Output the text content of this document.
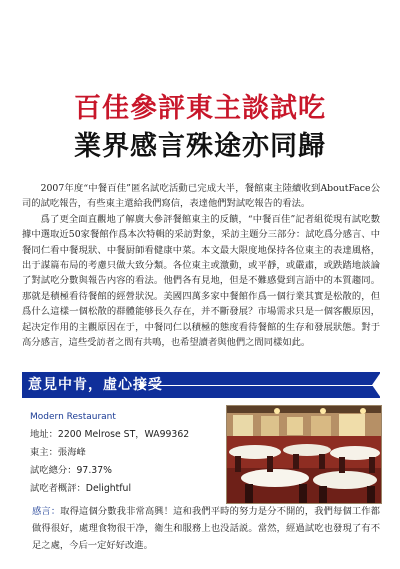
百佳參評東主談試吃
業界感言殊途亦同歸

2007年度“中餐百佳”匿名試吃活動已完成大半，餐館東主陸續收到AboutFace公司的試吃報告，有些東主還給我們寫信，表達他們對試吃報告的看法。

爲了更全面直觀地了解廣大參評餐館東主的反饋，“中餐百佳”記者組從現有試吃數據中選取近50家餐館作爲本次特輯的采訪對象，采訪主題分三部分：試吃爲分感言、中餐同仁看中餐現狀、中餐厨師看健康中菜。本文最大限度地保持各位東主的表達風格，出于謀篇布局的考慮只做大致分類。各位東主或激動，或平靜，或嚴肅，或跌踏地談論了對試吃分數與報告内容的看法。他們各有見地，但是不難感覺到言語中的本質趨同。那就是積極看待餐館的經營狀況。美國四萬多家中餐館作爲一個行業其實是松散的，但爲什么這樣一個松散的群體能够長久存在，并不斷發展？市場需求只是一個客觀原因，起决定作用的主觀原因在于，中餐同仁以積極的態度看待餐館的生存和發展狀態。對于高分感言，這些受訪者之間有共鳴，也希望讀者與他們之間同樣如此。

意見中肯，虛心接受
Modern Restaurant
地址：2200 Melrose ST，WA99362
東主：張海峰
試吃總分：97.37%
試吃者概評：Delightful
感言：取得這個分數我非常高興！這和我們平時的努力是分不開的，我們每個工作都做得很好，處理食物很干净，衛生和服務上也没話説。當然，經過試吃也發現了有不足之處，今后一定好好改進。
